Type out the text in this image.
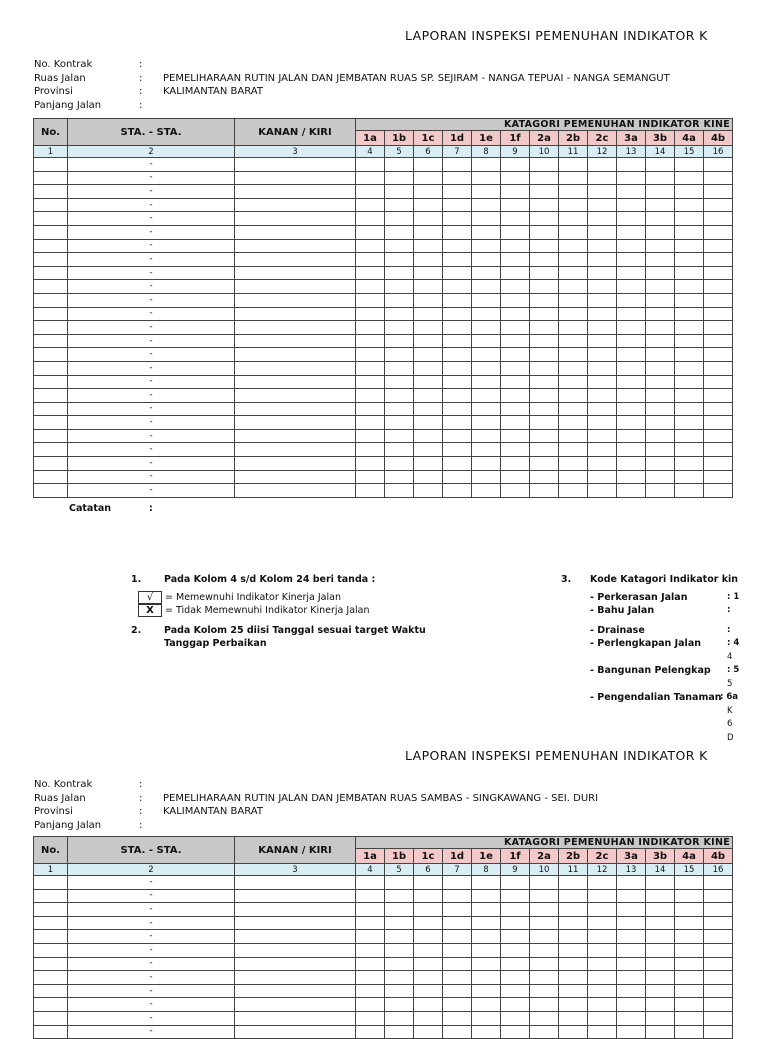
LAPORAN INSPEKSI PEMENUHAN INDIKATOR K
No. Kontrak	:
Ruas Jalan	: PEMELIHARAAN RUTIN JALAN DAN JEMBATAN RUAS SP. SEJIRAM - NANGA TEPUAI - NANGA SEMANGUT
Provinsi	: KALIMANTAN BARAT
Panjang Jalan	:
No.	STA. - STA.	KANAN / KIRI	KATAGORI PEMENUHAN INDIKATOR KINE												
			1a	1b	1c	1d	1e	1f	2a	2b	2c	3a	3b	4a	4b
1	2	3	4	5	6	7	8	9	10	11	12	13	14	15	16
	-														
	-														
	-														
	-														
	-														
	-														
	-														
	-														
	-														
	-														
	-														
	-														
	-														
	-														
	-														
	-														
	-														
	-														
	-														
	-														
	-														
	-														
	-														
	-														
	-														
Catatan	:
1. Pada Kolom 4 s/d Kolom 24 beri tanda :
√ = Memewnuhi Indikator Kinerja Jalan
X = Tidak Memewnuhi Indikator Kinerja Jalan
2. Pada Kolom 25 diisi Tanggal sesuai target Waktu
Tanggap Perbaikan
3. Kode Katagori Indikator kin
- Perkerasan Jalan	: 1
- Bahu Jalan	:
- Drainase	:
- Perlengkapan Jalan	: 4
4
- Bangunan Pelengkap : 5
5
- Pengendalian Tanaman
: 6a
K
6
D
LAPORAN INSPEKSI PEMENUHAN INDIKATOR K
No. Kontrak	:
Ruas Jalan	: PEMELIHARAAN RUTIN JALAN DAN JEMBATAN RUAS SAMBAS - SINGKAWANG - SEI. DURI
Provinsi	: KALIMANTAN BARAT
Panjang Jalan	:
No.	STA. - STA.	KANAN / KIRI	KATAGORI PEMENUHAN INDIKATOR KINE												
			1a	1b	1c	1d	1e	1f	2a	2b	2c	3a	3b	4a	4b
1	2	3	4	5	6	7	8	9	10	11	12	13	14	15	16
	-														
	-														
	-														
	-														
	-														
	-														
	-														
	-														
	-														
	-														
	-														
	-														
